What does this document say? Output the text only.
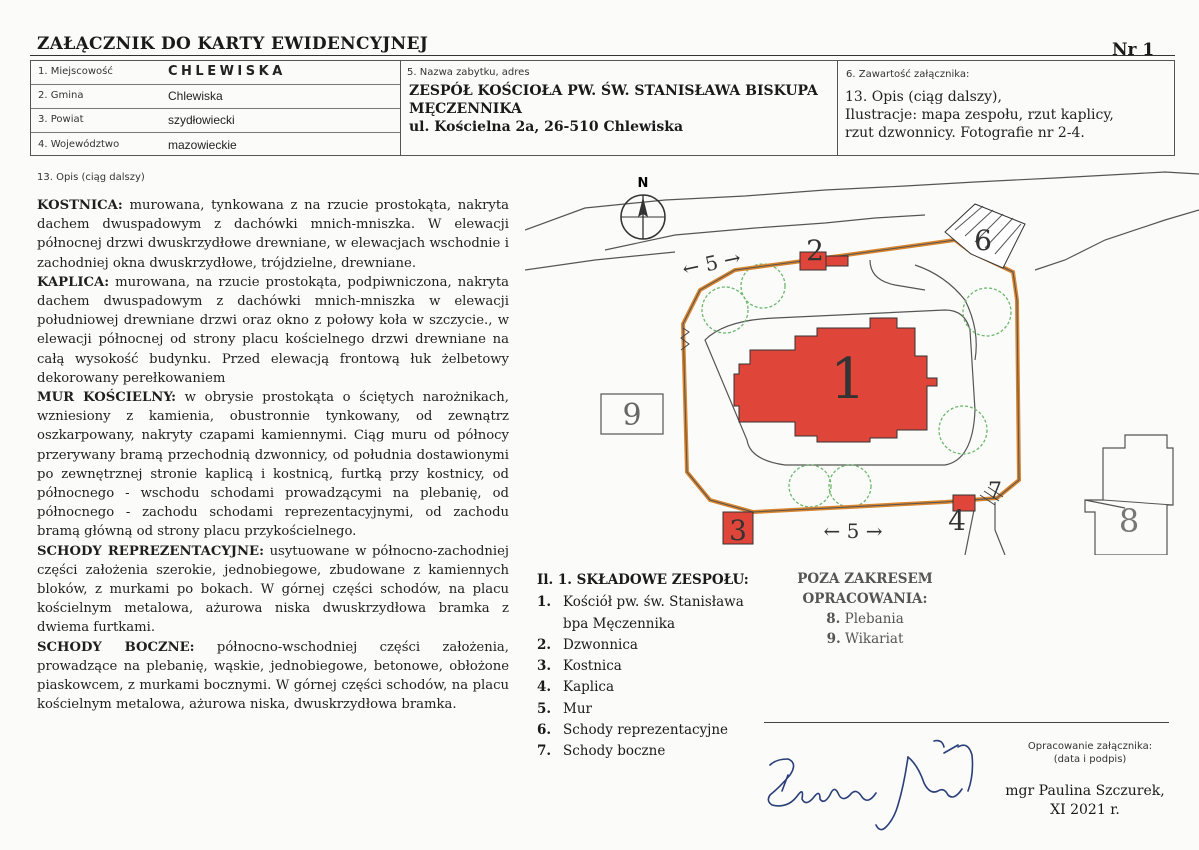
ZAŁĄCZNIK DO KARTY EWIDENCYJNEJ	Nr 1
1. Miejscowość	CHLEWISKA
2. Gmina	Chlewiska
3. Powiat	szydłowiecki
4. Województwo	mazowieckie
5. Nazwa zabytku, adres
ZESPÓŁ KOŚCIOŁA PW. ŚW. STANISŁAWA BISKUPA
MĘCZENNIKA
ul. Kościelna 2a, 26-510 Chlewiska
6. Zawartość załącznika:
13. Opis (ciąg dalszy),
Ilustracje: mapa zespołu, rzut kaplicy,
rzut dzwonnicy. Fotografie nr 2-4.
13. Opis (ciąg dalszy)

KOSTNICA: murowana, tynkowana z na rzucie prostokąta, nakryta dachem dwuspadowym z dachówki mnich-mniszka. W elewacji północnej drzwi dwuskrzydłowe drewniane, w elewacjach wschodnie i zachodniej okna dwuskrzydłowe, trójdzielne, drewniane.

KAPLICA: murowana, na rzucie prostokąta, podpiwniczona, nakryta dachem dwuspadowym z dachówki mnich-mniszka w elewacji południowej drewniane drzwi oraz okno z połowy koła w szczycie., w elewacji północnej od strony placu kościelnego drzwi drewniane na całą wysokość budynku. Przed elewacją frontową łuk żelbetowy dekorowany perełkowaniem

MUR KOŚCIELNY: w obrysie prostokąta o ściętych narożnikach, wzniesiony z kamienia, obustronnie tynkowany, od zewnątrz oszkarpowany, nakryty czapami kamiennymi. Ciąg muru od północy przerywany bramą przechodnią dzwonnicy, od południa dostawionymi po zewnętrznej stronie kaplicą i kostnicą, furtką przy kostnicy, od północnego - wschodu schodami prowadzącymi na plebanię, od północnego - zachodu schodami reprezentacyjnymi, od zachodu bramą główną od strony placu przykościelnego.

SCHODY REPREZENTACYJNE: usytuowane w północno-zachodniej części założenia szerokie, jednobiegowe, zbudowane z kamiennych bloków, z murkami po bokach. W górnej części schodów, na placu kościelnym metalowa, ażurowa niska dwuskrzydłowa bramka z dwiema furtkami.

SCHODY BOCZNE: północno-wschodniej części założenia, prowadzące na plebanię, wąskie, jednobiegowe, betonowe, obłożone piaskowcem, z murkami bocznymi. W górnej części schodów, na placu kościelnym metalowa, ażurowa niska, dwuskrzydłowa bramka.

N
1
2	6
4
7
3
← 5 →
← 5 →
9
8
Il. 1. SKŁADOWE ZESPOŁU:
1. Kościół pw. św. Stanisława
bpa Męczennika
2. Dzwonnica
3. Kostnica
4. Kaplica
5. Mur
6. Schody reprezentacyjne
7. Schody boczne
POZA ZAKRESEM
OPRACOWANIA:
8. Plebania
9. Wikariat
Opracowanie załącznika:
(data i podpis)
mgr Paulina Szczurek,
XI 2021 r.
